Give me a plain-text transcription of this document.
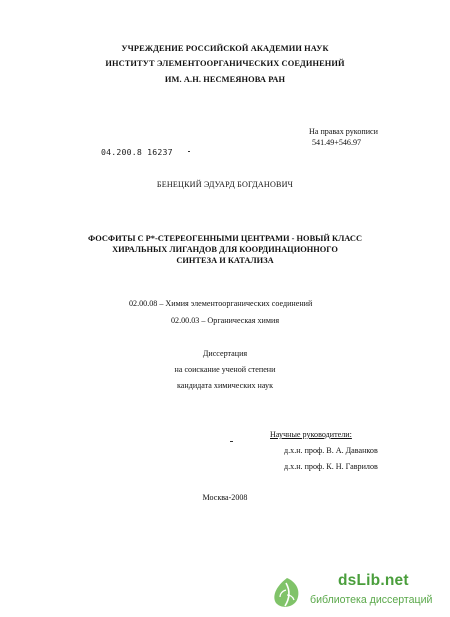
УЧРЕЖДЕНИЕ РОССИЙСКОЙ АКАДЕМИИ НАУК
ИНСТИТУТ ЭЛЕМЕНТООРГАНИЧЕСКИХ СОЕДИНЕНИЙ
ИМ. А.Н. НЕСМЕЯНОВА РАН
На правах рукописи
541.49+546.97
04.200.8 16237
БЕНЕЦКИЙ ЭДУАРД БОГДАНОВИЧ
ФОСФИТЫ С P*-СТЕРЕОГЕННЫМИ ЦЕНТРАМИ - НОВЫЙ КЛАСС
ХИРАЛЬНЫХ ЛИГАНДОВ ДЛЯ КООРДИНАЦИОННОГО
СИНТЕЗА И КАТАЛИЗА
02.00.08 – Химия элементоорганических соединений
02.00.03 – Органическая химия
Диссертация
на соискание ученой степени
кандидата химических наук
Научные руководители:
д.х.н. проф. В. А. Даванков
д.х.н. проф. К. Н. Гаврилов
Москва-2008
dsLib.net
библиотека диссертаций
